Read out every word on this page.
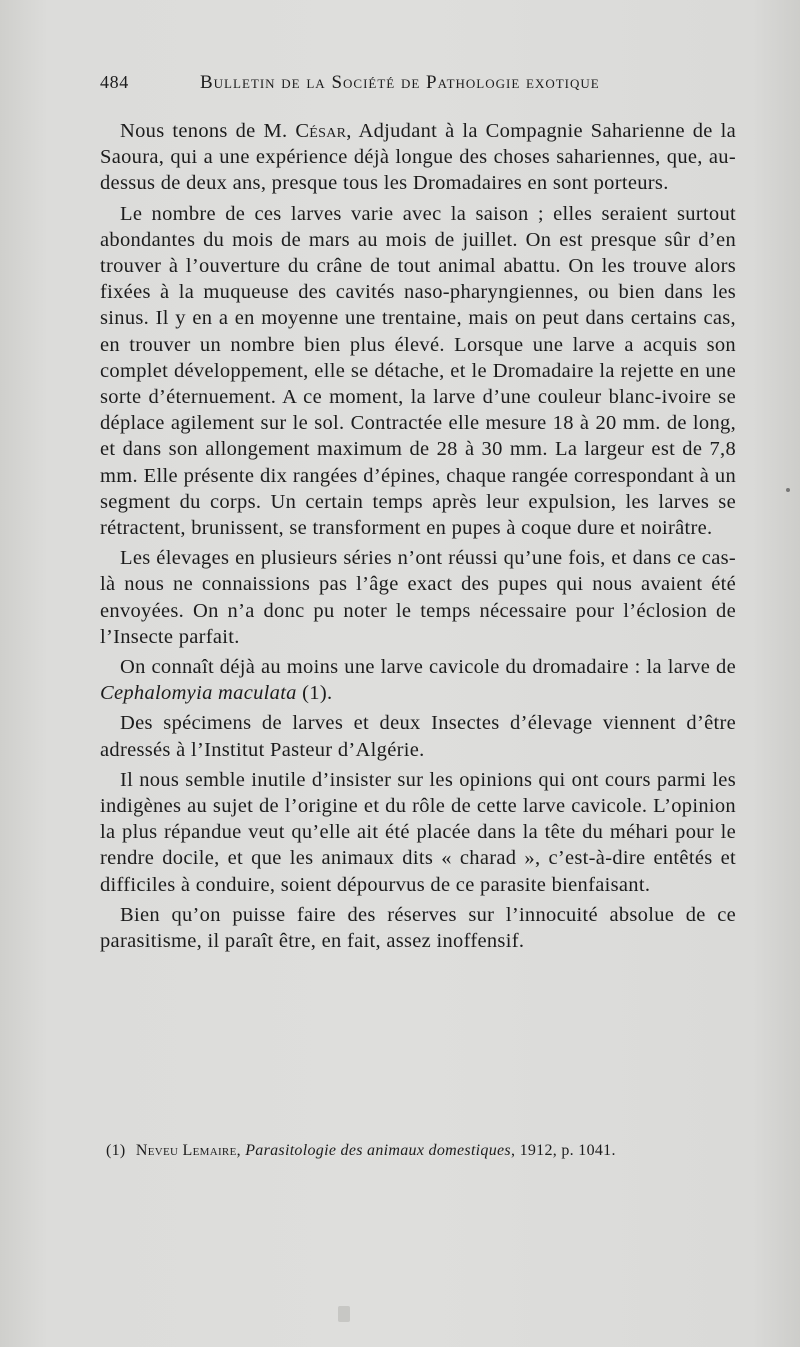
484	Bulletin de la Société de Pathologie exotique

Nous tenons de M. César, Adjudant à la Compagnie Saharienne de la Saoura, qui a une expérience déjà longue des choses sahariennes, que, au-dessus de deux ans, presque tous les Dromadaires en sont porteurs.

Le nombre de ces larves varie avec la saison ; elles seraient surtout abondantes du mois de mars au mois de juillet. On est presque sûr d’en trouver à l’ouverture du crâne de tout animal abattu. On les trouve alors fixées à la muqueuse des cavités naso-pharyngiennes, ou bien dans les sinus. Il y en a en moyenne une trentaine, mais on peut dans certains cas, en trouver un nombre bien plus élevé. Lorsque une larve a acquis son complet développement, elle se détache, et le Dromadaire la rejette en une sorte d’éternuement. A ce moment, la larve d’une couleur blanc-ivoire se déplace agilement sur le sol. Contractée elle mesure 18 à 20 mm. de long, et dans son allongement maximum de 28 à 30 mm. La largeur est de 7,8 mm. Elle présente dix rangées d’épines, chaque rangée correspondant à un segment du corps. Un certain temps après leur expulsion, les larves se rétractent, brunissent, se transforment en pupes à coque dure et noirâtre.

Les élevages en plusieurs séries n’ont réussi qu’une fois, et dans ce cas-là nous ne connaissions pas l’âge exact des pupes qui nous avaient été envoyées. On n’a donc pu noter le temps nécessaire pour l’éclosion de l’Insecte parfait.

On connaît déjà au moins une larve cavicole du dromadaire : la larve de Cephalomyia maculata (1).

Des spécimens de larves et deux Insectes d’élevage viennent d’être adressés à l’Institut Pasteur d’Algérie.

Il nous semble inutile d’insister sur les opinions qui ont cours parmi les indigènes au sujet de l’origine et du rôle de cette larve cavicole. L’opinion la plus répandue veut qu’elle ait été placée dans la tête du méhari pour le rendre docile, et que les animaux dits « charad », c’est-à-dire entêtés et difficiles à conduire, soient dépourvus de ce parasite bienfaisant.

Bien qu’on puisse faire des réserves sur l’innocuité absolue de ce parasitisme, il paraît être, en fait, assez inoffensif.

(1) Neveu Lemaire, Parasitologie des animaux domestiques, 1912, p. 1041.
